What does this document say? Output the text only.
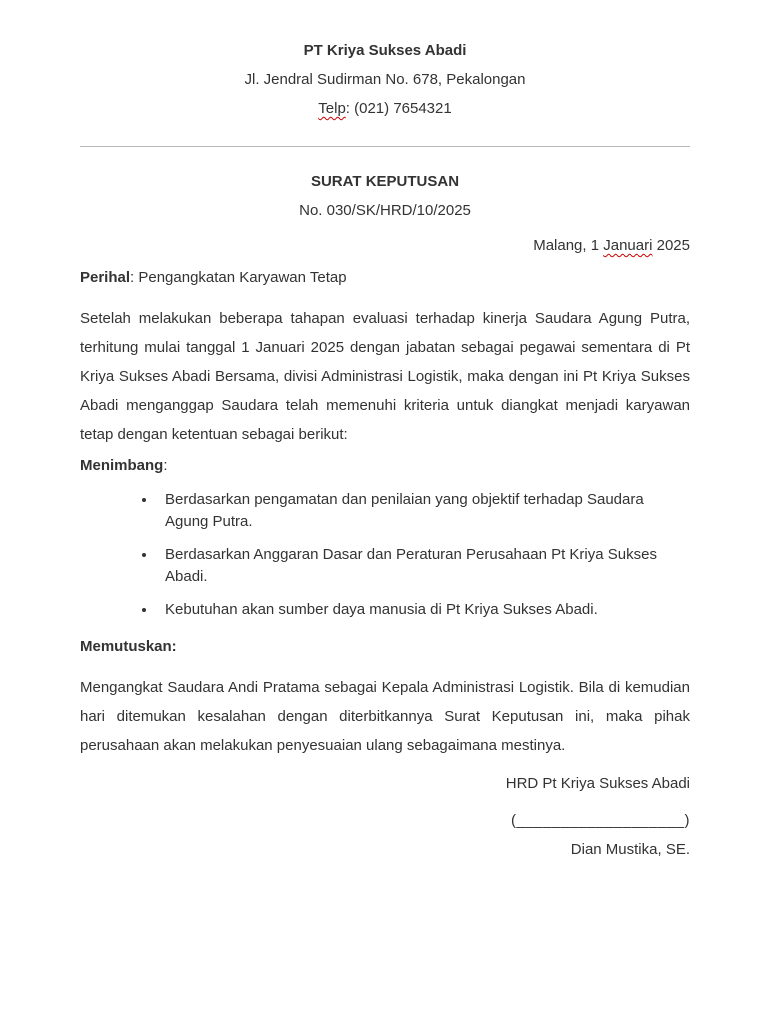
PT Kriya Sukses Abadi
Jl. Jendral Sudirman No. 678, Pekalongan
Telp: (021) 7654321
SURAT KEPUTUSAN
No. 030/SK/HRD/10/2025
Malang, 1 Januari 2025

Perihal: Pengangkatan Karyawan Tetap

Setelah melakukan beberapa tahapan evaluasi terhadap kinerja Saudara Agung Putra, terhitung mulai tanggal 1 Januari 2025 dengan jabatan sebagai pegawai sementara di Pt Kriya Sukses Abadi Bersama, divisi Administrasi Logistik, maka dengan ini Pt Kriya Sukses Abadi menganggap Saudara telah memenuhi kriteria untuk diangkat menjadi karyawan tetap dengan ketentuan sebagai berikut:

Menimbang:

• Berdasarkan pengamatan dan penilaian yang objektif terhadap Saudara Agung Putra.
• Berdasarkan Anggaran Dasar dan Peraturan Perusahaan Pt Kriya Sukses Abadi.
• Kebutuhan akan sumber daya manusia di Pt Kriya Sukses Abadi.

Memutuskan:

Mengangkat Saudara Andi Pratama sebagai Kepala Administrasi Logistik. Bila di kemudian hari ditemukan kesalahan dengan diterbitkannya Surat Keputusan ini, maka pihak perusahaan akan melakukan penyesuaian ulang sebagaimana mestinya.

HRD Pt Kriya Sukses Abadi
(___________________)
Dian Mustika, SE.
